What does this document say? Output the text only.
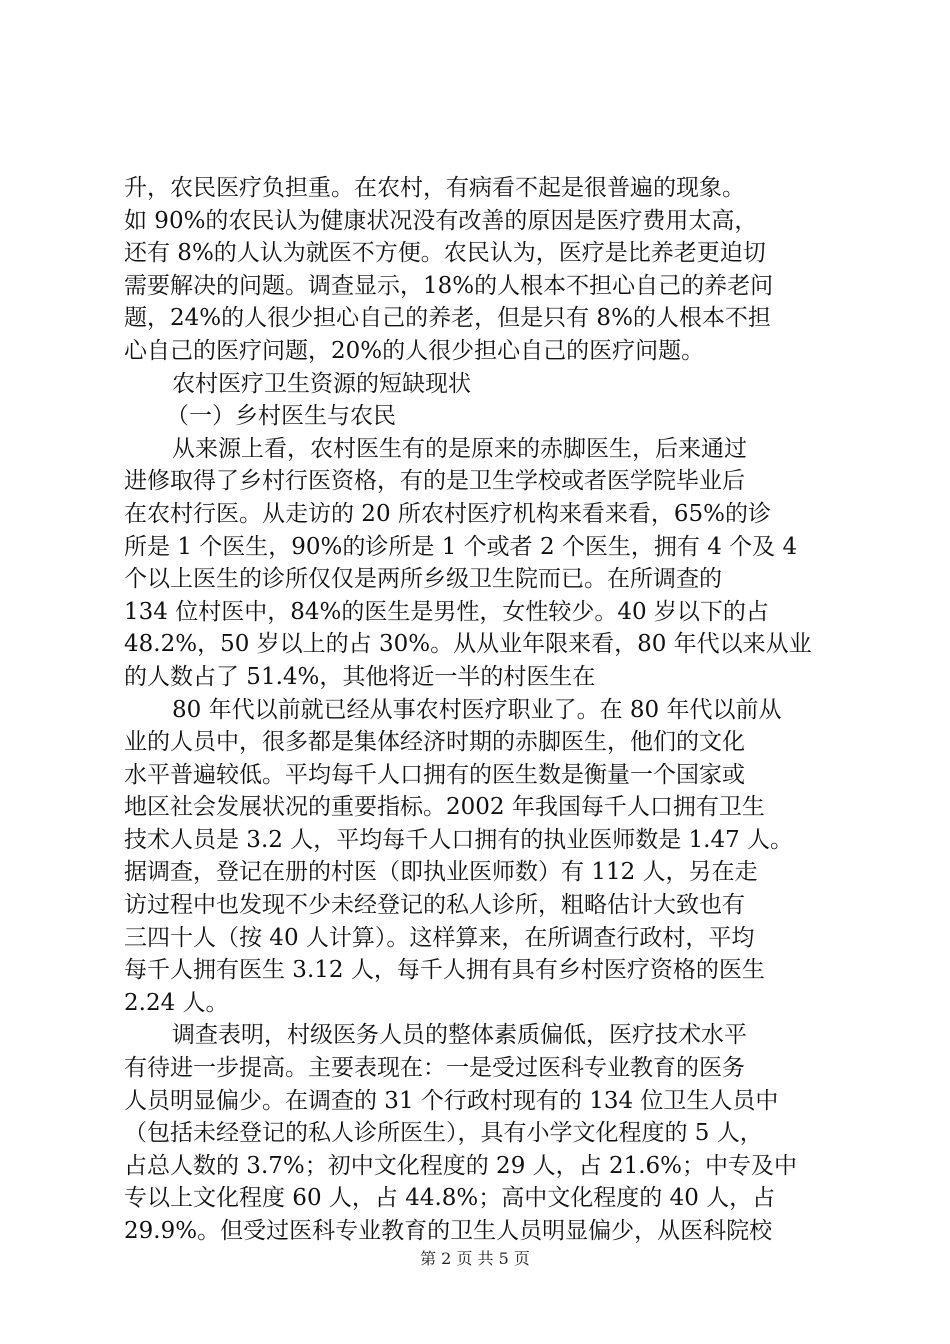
升，农民医疗负担重。在农村，有病看不起是很普遍的现象。
如 90%的农民认为健康状况没有改善的原因是医疗费用太高，
还有 8%的人认为就医不方便。农民认为，医疗是比养老更迫切
需要解决的问题。调查显示，18%的人根本不担心自己的养老问
题，24%的人很少担心自己的养老，但是只有 8%的人根本不担
心自己的医疗问题，20%的人很少担心自己的医疗问题。
农村医疗卫生资源的短缺现状
（一）乡村医生与农民
从来源上看，农村医生有的是原来的赤脚医生，后来通过
进修取得了乡村行医资格，有的是卫生学校或者医学院毕业后
在农村行医。从走访的 20 所农村医疗机构来看来看，65%的诊
所是 1 个医生，90%的诊所是 1 个或者 2 个医生，拥有 4 个及 4
个以上医生的诊所仅仅是两所乡级卫生院而已。在所调查的
134 位村医中，84%的医生是男性，女性较少。40 岁以下的占
48.2%，50 岁以上的占 30%。从从业年限来看，80 年代以来从业
的人数占了 51.4%，其他将近一半的村医生在
80 年代以前就已经从事农村医疗职业了。在 80 年代以前从
业的人员中，很多都是集体经济时期的赤脚医生，他们的文化
水平普遍较低。平均每千人口拥有的医生数是衡量一个国家或
地区社会发展状况的重要指标。2002 年我国每千人口拥有卫生
技术人员是 3.2 人，平均每千人口拥有的执业医师数是 1.47 人。
据调查，登记在册的村医（即执业医师数）有 112 人，另在走
访过程中也发现不少未经登记的私人诊所，粗略估计大致也有
三四十人（按 40 人计算）。这样算来，在所调查行政村，平均
每千人拥有医生 3.12 人，每千人拥有具有乡村医疗资格的医生
2.24 人。
调查表明，村级医务人员的整体素质偏低，医疗技术水平
有待进一步提高。主要表现在：一是受过医科专业教育的医务
人员明显偏少。在调查的 31 个行政村现有的 134 位卫生人员中
（包括未经登记的私人诊所医生），具有小学文化程度的 5 人，
占总人数的 3.7%；初中文化程度的 29 人，占 21.6%；中专及中
专以上文化程度 60 人，占 44.8%；高中文化程度的 40 人，占
29.9%。但受过医科专业教育的卫生人员明显偏少，从医科院校
第 2 页 共 5 页
